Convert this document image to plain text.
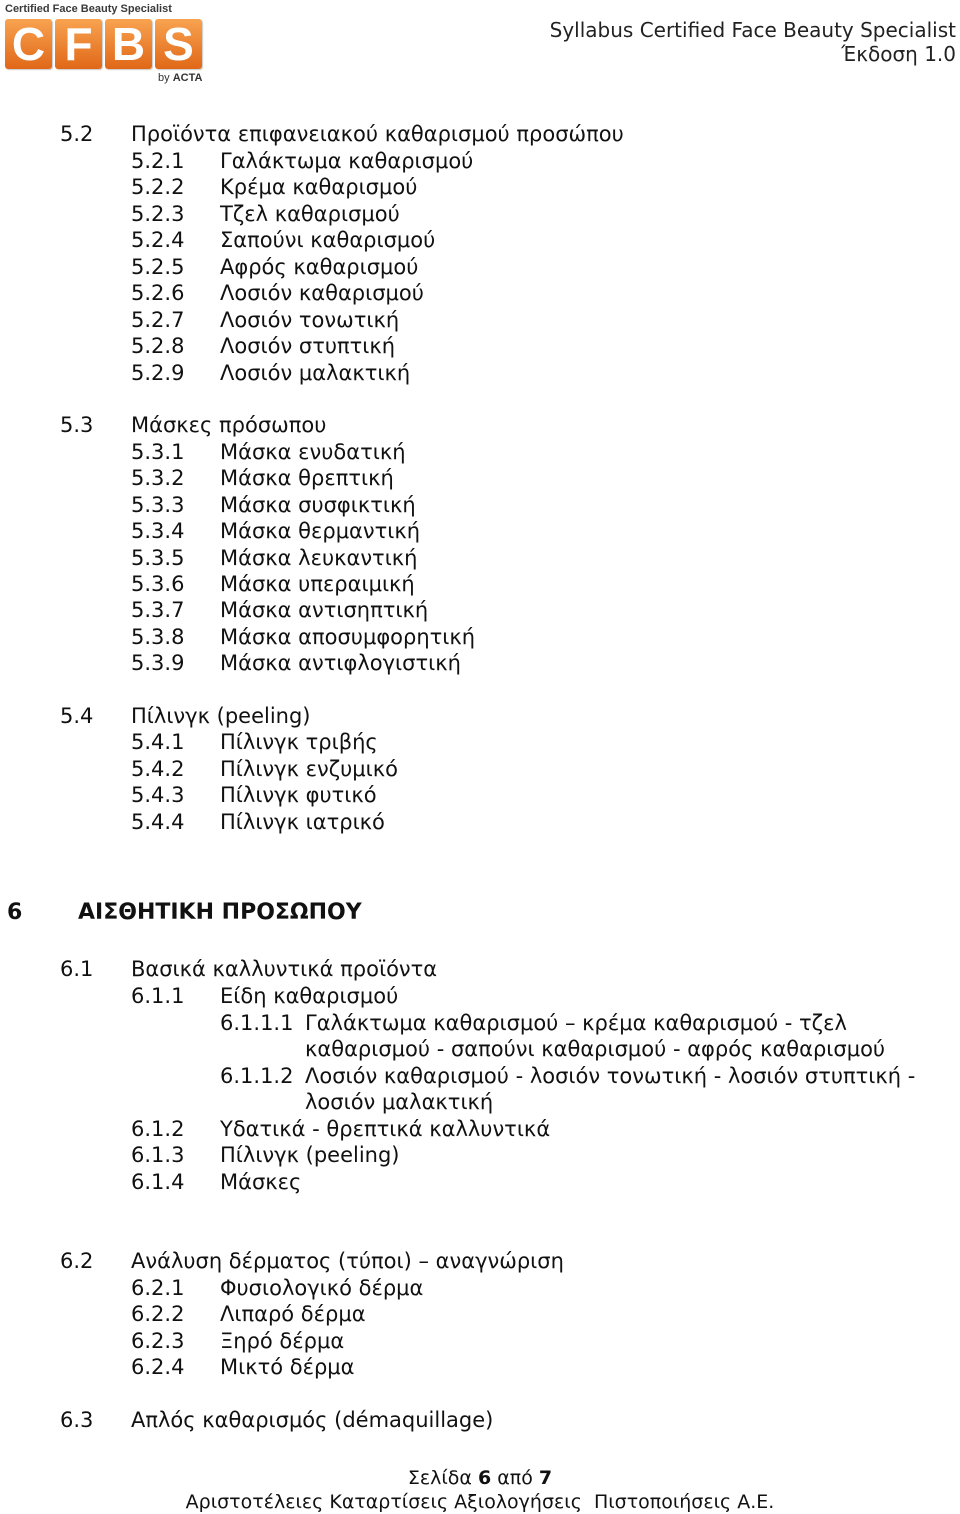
Certified Face Beauty Specialist
C F B S
by ACTA
Syllabus Certified Face Beauty Specialist
Έκδοση 1.0
5.2 Προϊόντα επιφανειακού καθαρισμού προσώπου
5.2.1 Γαλάκτωμα καθαρισμού
5.2.2 Κρέμα καθαρισμού
5.2.3 Τζελ καθαρισμού
5.2.4 Σαπούνι καθαρισμού
5.2.5 Αφρός καθαρισμού
5.2.6 Λοσιόν καθαρισμού
5.2.7 Λοσιόν τονωτική
5.2.8 Λοσιόν στυπτική
5.2.9 Λοσιόν μαλακτική
5.3 Μάσκες πρόσωπου
5.3.1 Μάσκα ενυδατική
5.3.2 Μάσκα θρεπτική
5.3.3 Μάσκα συσφικτική
5.3.4 Μάσκα θερμαντική
5.3.5 Μάσκα λευκαντική
5.3.6 Μάσκα υπεραιμική
5.3.7 Μάσκα αντισηπτική
5.3.8 Μάσκα αποσυμφορητική
5.3.9 Μάσκα αντιφλογιστική
5.4 Πίλινγκ (peeling)
5.4.1 Πίλινγκ τριβής
5.4.2 Πίλινγκ ενζυμικό
5.4.3 Πίλινγκ φυτικό
5.4.4 Πίλινγκ ιατρικό
6	ΑΙΣΘΗΤΙΚΗ ΠΡΟΣΩΠΟΥ
6.1 Βασικά καλλυντικά προϊόντα
6.1.1 Είδη καθαρισμού
6.1.1.1 Γαλάκτωμα καθαρισμού – κρέμα καθαρισμού - τζελ
καθαρισμού - σαπούνι καθαρισμού - αφρός καθαρισμού
6.1.1.2 Λοσιόν καθαρισμού - λοσιόν τονωτική - λοσιόν στυπτική -
λοσιόν μαλακτική
6.1.2 Υδατικά - θρεπτικά καλλυντικά
6.1.3 Πίλινγκ (peeling)
6.1.4 Μάσκες
6.2 Ανάλυση δέρματος (τύποι) – αναγνώριση
6.2.1 Φυσιολογικό δέρμα
6.2.2 Λιπαρό δέρμα
6.2.3 Ξηρό δέρμα
6.2.4 Μικτό δέρμα
6.3 Απλός καθαρισμός (démaquillage)
Σελίδα 6 από 7
Αριστοτέλειες Καταρτίσεις Αξιολογήσεις  Πιστοποιήσεις Α.Ε.
